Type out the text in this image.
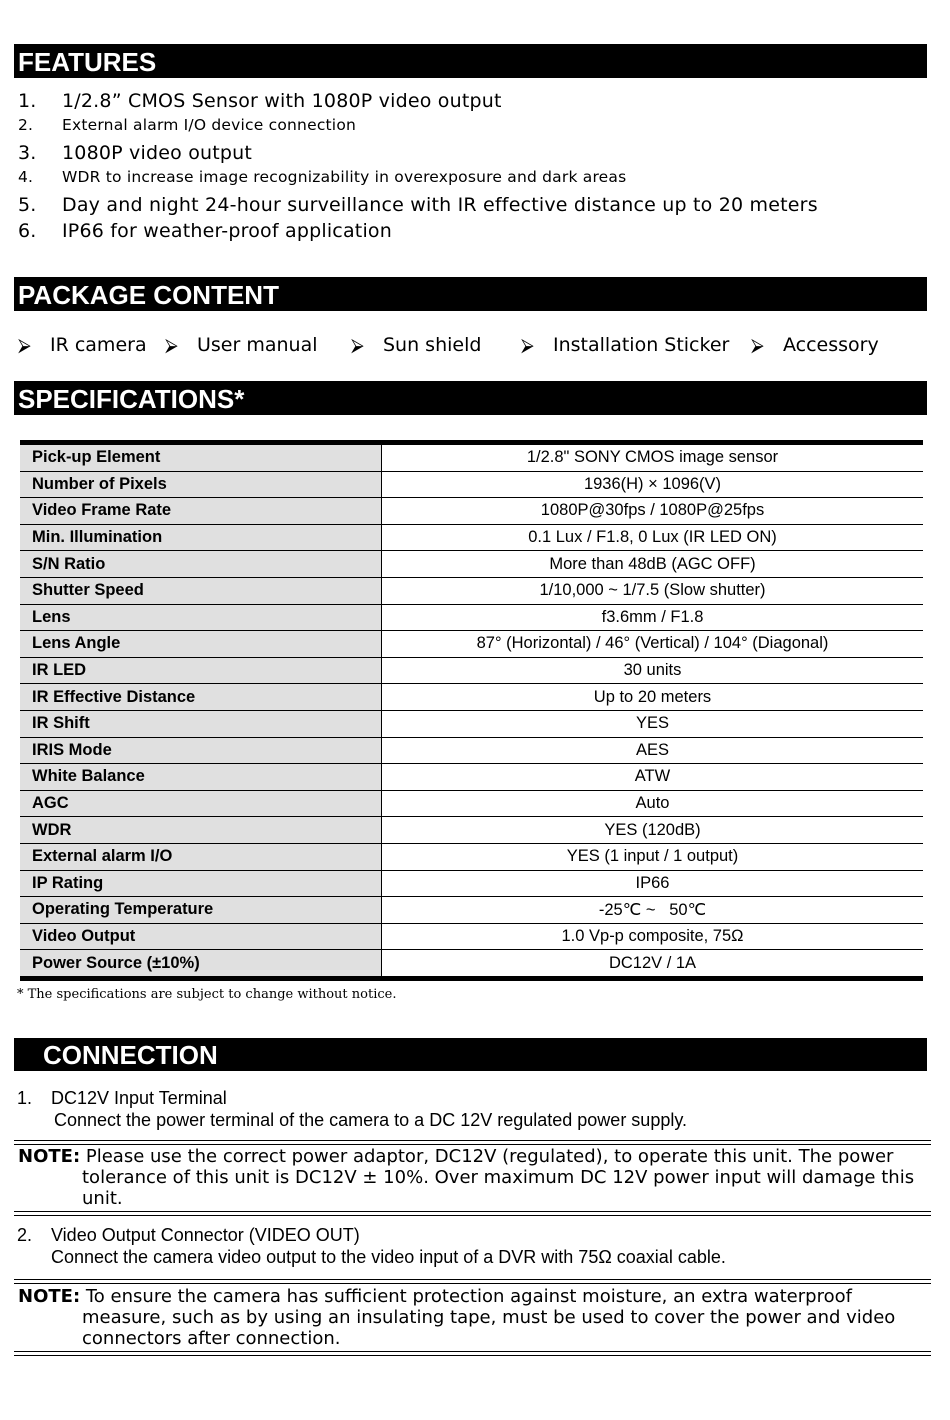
FEATURES
1.	1/2.8” CMOS Sensor with 1080P video output
2.	External alarm I/O device connection
3.	1080P video output
4.	WDR to increase image recognizability in overexposure and dark areas
5.	Day and night 24-hour surveillance with IR effective distance up to 20 meters
6.	IP66 for weather-proof application
PACKAGE CONTENT
⮚ IR camera ⮚ User manual ⮚ Sun shield ⮚ Installation Sticker ⮚ Accessory
SPECIFICATIONS*
Pick-up Element	1/2.8" SONY CMOS image sensor
Number of Pixels	1936(H) × 1096(V)
Video Frame Rate	1080P@30fps / 1080P@25fps
Min. Illumination	0.1 Lux / F1.8, 0 Lux (IR LED ON)
S/N Ratio	More than 48dB (AGC OFF)
Shutter Speed	1/10,000 ~ 1/7.5 (Slow shutter)
Lens	f3.6mm / F1.8
Lens Angle	87° (Horizontal) / 46° (Vertical) / 104° (Diagonal)
IR LED	30 units
IR Effective Distance	Up to 20 meters
IR Shift	YES
IRIS Mode	AES
White Balance	ATW
AGC	Auto
WDR	YES (120dB)
External alarm I/O	YES (1 input / 1 output)
IP Rating	IP66
Operating Temperature	-25℃ ~   50℃
Video Output	1.0 Vp-p composite, 75Ω
Power Source (±10%)	DC12V / 1A
* The specifications are subject to change without notice.
CONNECTION
1. DC12V Input Terminal
Connect the power terminal of the camera to a DC 12V regulated power supply.
NOTE: Please use the correct power adaptor, DC12V (regulated), to operate this unit. The power
tolerance of this unit is DC12V ± 10%. Over maximum DC 12V power input will damage this unit.
2. Video Output Connector (VIDEO OUT)
Connect the camera video output to the video input of a DVR with 75Ω coaxial cable.
NOTE: To ensure the camera has sufficient protection against moisture, an extra waterproof
measure, such as by using an insulating tape, must be used to cover the power and video connectors after connection.
